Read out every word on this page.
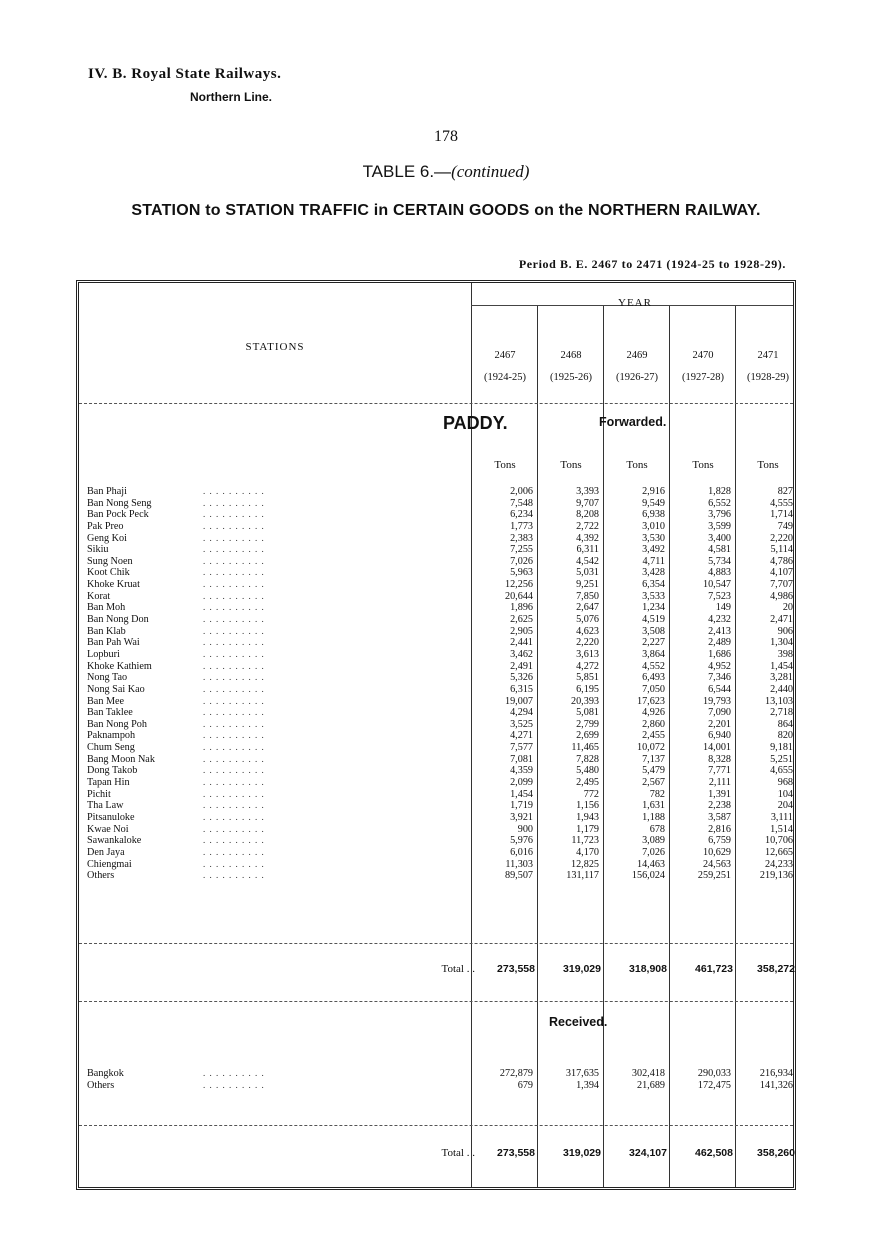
IV. B. Royal State Railways.
Northern Line.
178
TABLE 6.—(continued)
STATION to STATION TRAFFIC in CERTAIN GOODS on the NORTHERN RAILWAY.
Period B. E. 2467 to 2471 (1924-25 to 1928-29).
YEAR
STATIONS
2467
(1924-25)
2468
(1925-26)
2469
(1926-27)
2470
(1927-28)
2471
(1928-29)
PADDY.	Forwarded.
Tons	Tons	Tons	Tons	Tons
Ban Phaji	. . . . . . . . . .	2,006	3,393	2,916	1,828	827
Ban Nong Seng	. . . . . . . . . .	7,548	9,707	9,549	6,552	4,555
Ban Pock Peck	. . . . . . . . . .	6,234	8,208	6,938	3,796	1,714
Pak Preo	. . . . . . . . . .	1,773	2,722	3,010	3,599	749
Geng Koi	. . . . . . . . . .	2,383	4,392	3,530	3,400	2,220
Sikiu	. . . . . . . . . .	7,255	6,311	3,492	4,581	5,114
Sung Noen	. . . . . . . . . .	7,026	4,542	4,711	5,734	4,786
Koot Chik	. . . . . . . . . .	5,963	5,031	3,428	4,883	4,107
Khoke Kruat	. . . . . . . . . .	12,256	9,251	6,354	10,547	7,707
Korat	. . . . . . . . . .	20,644	7,850	3,533	7,523	4,986
Ban Moh	. . . . . . . . . .	1,896	2,647	1,234	149	20
Ban Nong Don	. . . . . . . . . .	2,625	5,076	4,519	4,232	2,471
Ban Klab	. . . . . . . . . .	2,905	4,623	3,508	2,413	906
Ban Pah Wai	. . . . . . . . . .	2,441	2,220	2,227	2,489	1,304
Lopburi	. . . . . . . . . .	3,462	3,613	3,864	1,686	398
Khoke Kathiem	. . . . . . . . . .	2,491	4,272	4,552	4,952	1,454
Nong Tao	. . . . . . . . . .	5,326	5,851	6,493	7,346	3,281
Nong Sai Kao	. . . . . . . . . .	6,315	6,195	7,050	6,544	2,440
Ban Mee	. . . . . . . . . .	19,007	20,393	17,623	19,793	13,103
Ban Taklee	. . . . . . . . . .	4,294	5,081	4,926	7,090	2,718
Ban Nong Poh	. . . . . . . . . .	3,525	2,799	2,860	2,201	864
Paknampoh	. . . . . . . . . .	4,271	2,699	2,455	6,940	820
Chum Seng	. . . . . . . . . .	7,577	11,465	10,072	14,001	9,181
Bang Moon Nak	. . . . . . . . . .	7,081	7,828	7,137	8,328	5,251
Dong Takob	. . . . . . . . . .	4,359	5,480	5,479	7,771	4,655
Tapan Hin	. . . . . . . . . .	2,099	2,495	2,567	2,111	968
Pichit	. . . . . . . . . .	1,454	772	782	1,391	104
Tha Law	. . . . . . . . . .	1,719	1,156	1,631	2,238	204
Pitsanuloke	. . . . . . . . . .	3,921	1,943	1,188	3,587	3,111
Kwae Noi	. . . . . . . . . .	900	1,179	678	2,816	1,514
Sawankaloke	. . . . . . . . . .	5,976	11,723	3,089	6,759	10,706
Den Jaya	. . . . . . . . . .	6,016	4,170	7,026	10,629	12,665
Chiengmai	. . . . . . . . . .	11,303	12,825	14,463	24,563	24,233
Others	. . . . . . . . . .	89,507	131,117	156,024	259,251	219,136
Total . .	273,558	319,029	318,908	461,723	358,272
Received.
Bangkok	. . . . . . . . . .	272,879	317,635	302,418	290,033	216,934
Others	. . . . . . . . . .	679	1,394	21,689	172,475	141,326
Total . .	273,558	319,029	324,107	462,508	358,260
